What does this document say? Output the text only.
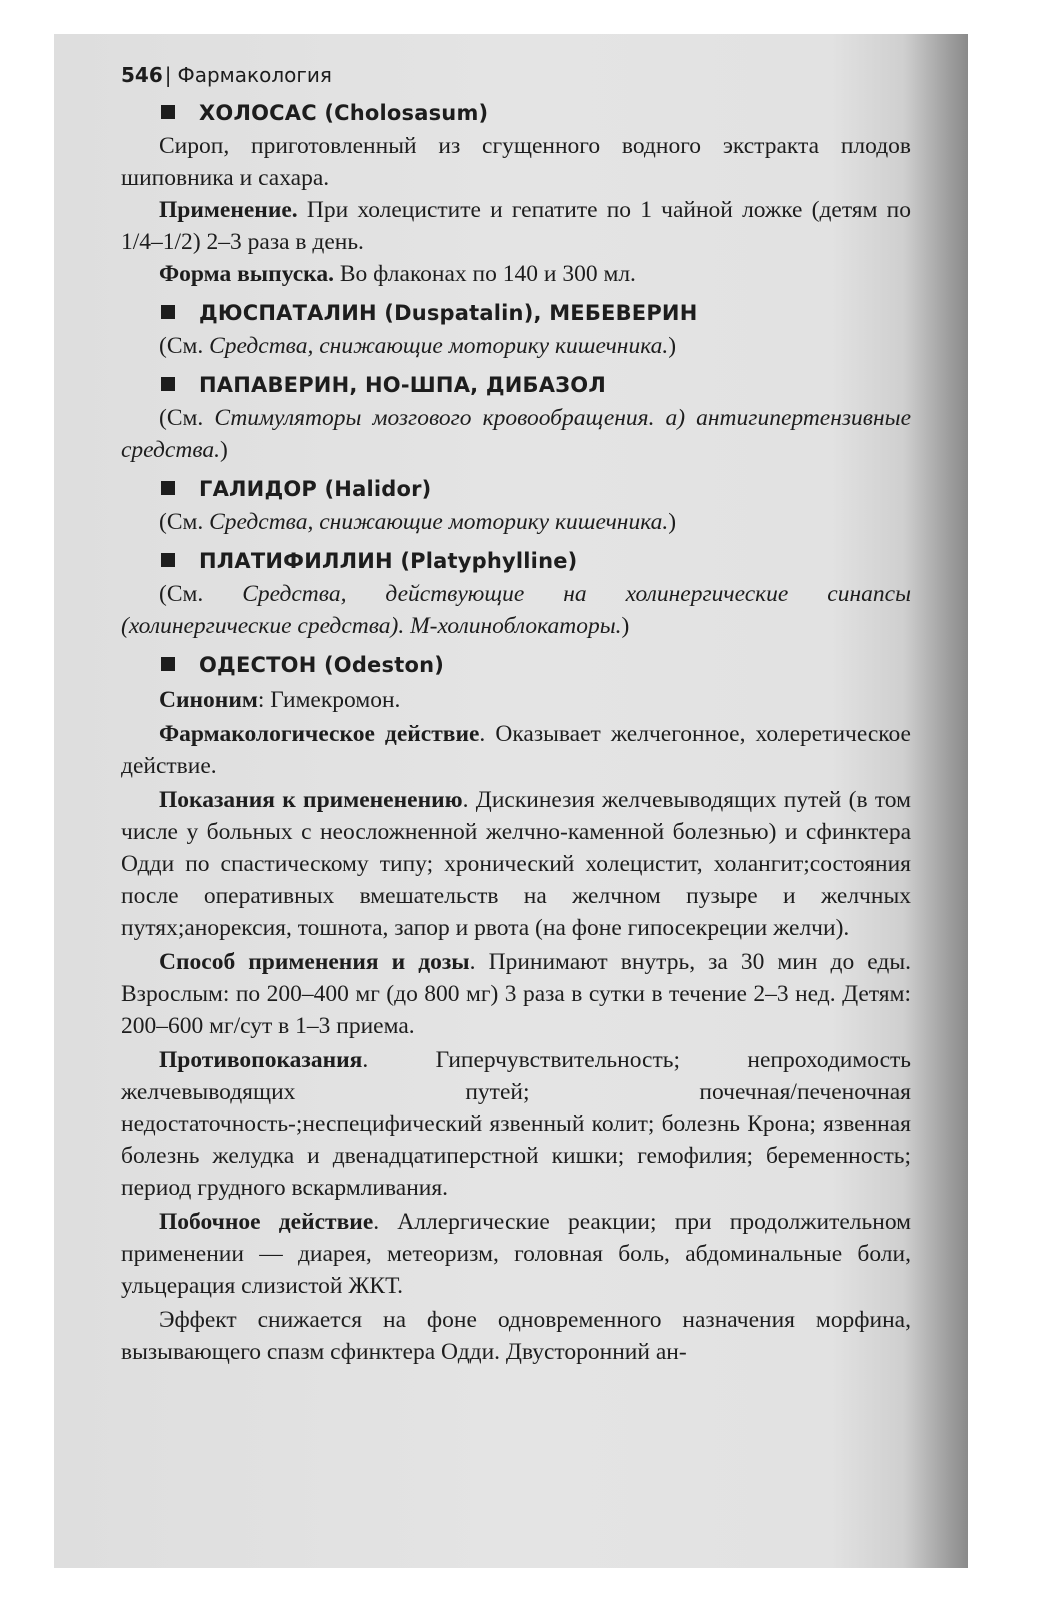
546 | Фармакология
ХОЛОСАС (Cholosasum)

Сироп, приготовленный из сгущенного водного экстракта плодов шиповника и сахара.

Применение. При холецистите и гепатите по 1 чайной ложке (детям по 1/4–1/2) 2–3 раза в день.

Форма выпуска. Во флаконах по 140 и 300 мл.

ДЮСПАТАЛИН (Duspatalin), МЕБЕВЕРИН

(См. Средства, снижающие моторику кишечника.)

ПАПАВЕРИН, НО-ШПА, ДИБАЗОЛ

(См. Стимуляторы мозгового кровообращения. а) антигипертензивные средства.)

ГАЛИДОР (Halidor)

(См. Средства, снижающие моторику кишечника.)

ПЛАТИФИЛЛИН (Platyphylline)

(См. Средства, действующие на холинергические синапсы (холинергические средства). М-холиноблокаторы.)

ОДЕСТОН (Odeston)

Синоним: Гимекромон.

Фармакологическое действие. Оказывает желчегонное, холеретическое действие.

Показания к примененению. Дискинезия желчевыводящих путей (в том числе у больных с неосложненной желчно-каменной болезнью) и сфинктера Одди по спастическому типу; хронический холецистит, холангит;состояния после оперативных вмешательств на желчном пузыре и желчных путях;анорексия, тошнота, запор и рвота (на фоне гипосекреции желчи).

Способ применения и дозы. Принимают внутрь, за 30 мин до еды. Взрослым: по 200–400 мг (до 800 мг) 3 раза в сутки в течение 2–3 нед. Детям: 200–600 мг/сут в 1–3 приема.

Противопоказания. Гиперчувствительность; непроходимость желчевыводящих путей; почечная/печеночная недостаточность-;неспецифический язвенный колит; болезнь Крона; язвенная болезнь желудка и двенадцатиперстной кишки; гемофилия; беременность; период грудного вскармливания.

Побочное действие. Аллергические реакции; при продолжительном применении — диарея, метеоризм, головная боль, абдоминальные боли, ульцерация слизистой ЖКТ.

Эффект снижается на фоне одновременного назначения морфина, вызывающего спазм сфинктера Одди. Двусторонний ан-
